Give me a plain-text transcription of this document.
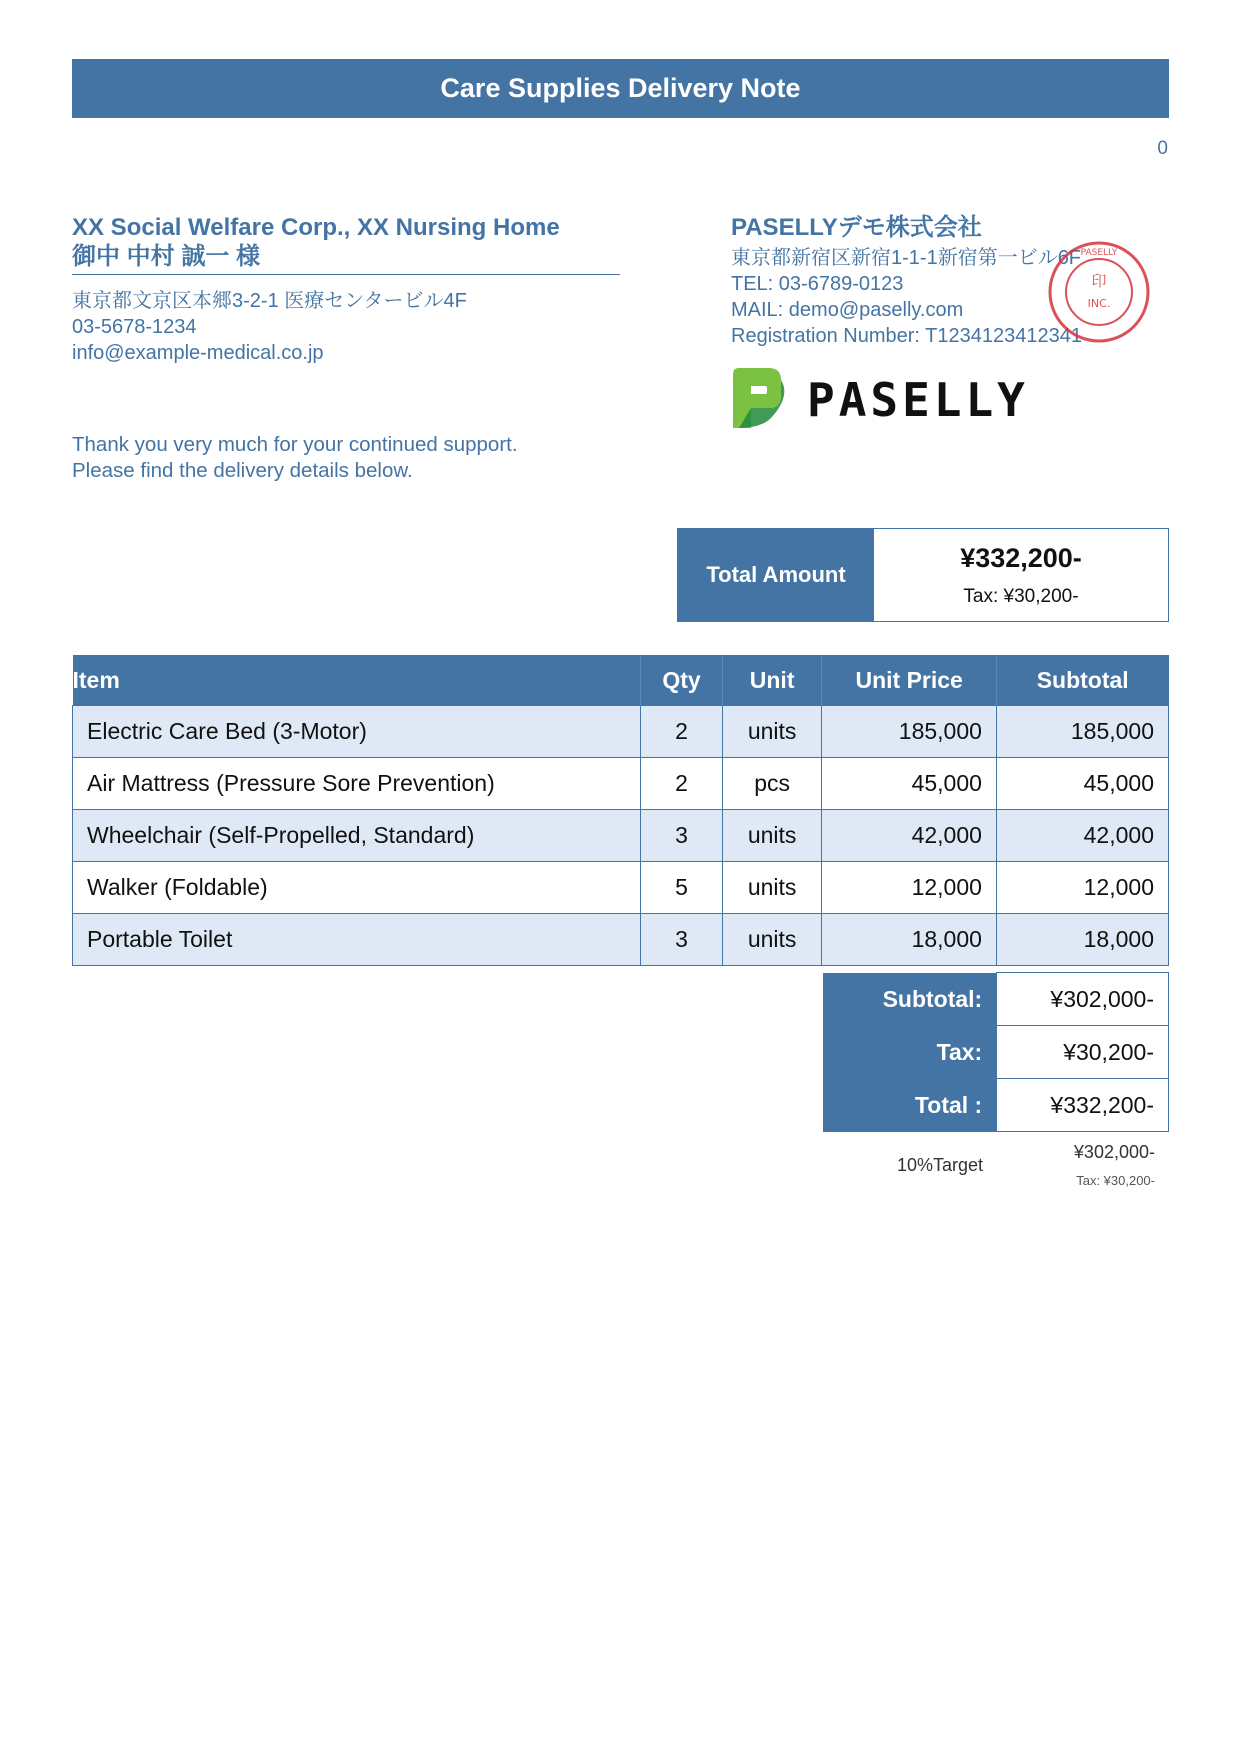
Care Supplies Delivery Note
0
XX Social Welfare Corp., XX Nursing Home
御中 中村 誠一 様
東京都文京区本郷3-2-1 医療センタービル4F
03-5678-1234
info@example-medical.co.jp
Thank you very much for your continued support.
Please find the delivery details below.
PASELLYデモ株式会社
東京都新宿区新宿1-1-1新宿第一ビル6F
TEL: 03-6789-0123
MAIL: demo@paselly.com
Registration Number: T1234123412341
印
INC.
PASELLY
PASELLY
Total Amount
¥332,200-
Tax: ¥30,200-
Item	Qty	Unit	Unit Price	Subtotal
Electric Care Bed (3-Motor)	2	units	185,000	185,000
Air Mattress (Pressure Sore Prevention)	2	pcs	45,000	45,000
Wheelchair (Self-Propelled, Standard)	3	units	42,000	42,000
Walker (Foldable)	5	units	12,000	12,000
Portable Toilet	3	units	18,000	18,000
Subtotal:	¥302,000-
Tax:	¥30,200-
Total :	¥332,200-
10%Target
¥302,000-
Tax: ¥30,200-
